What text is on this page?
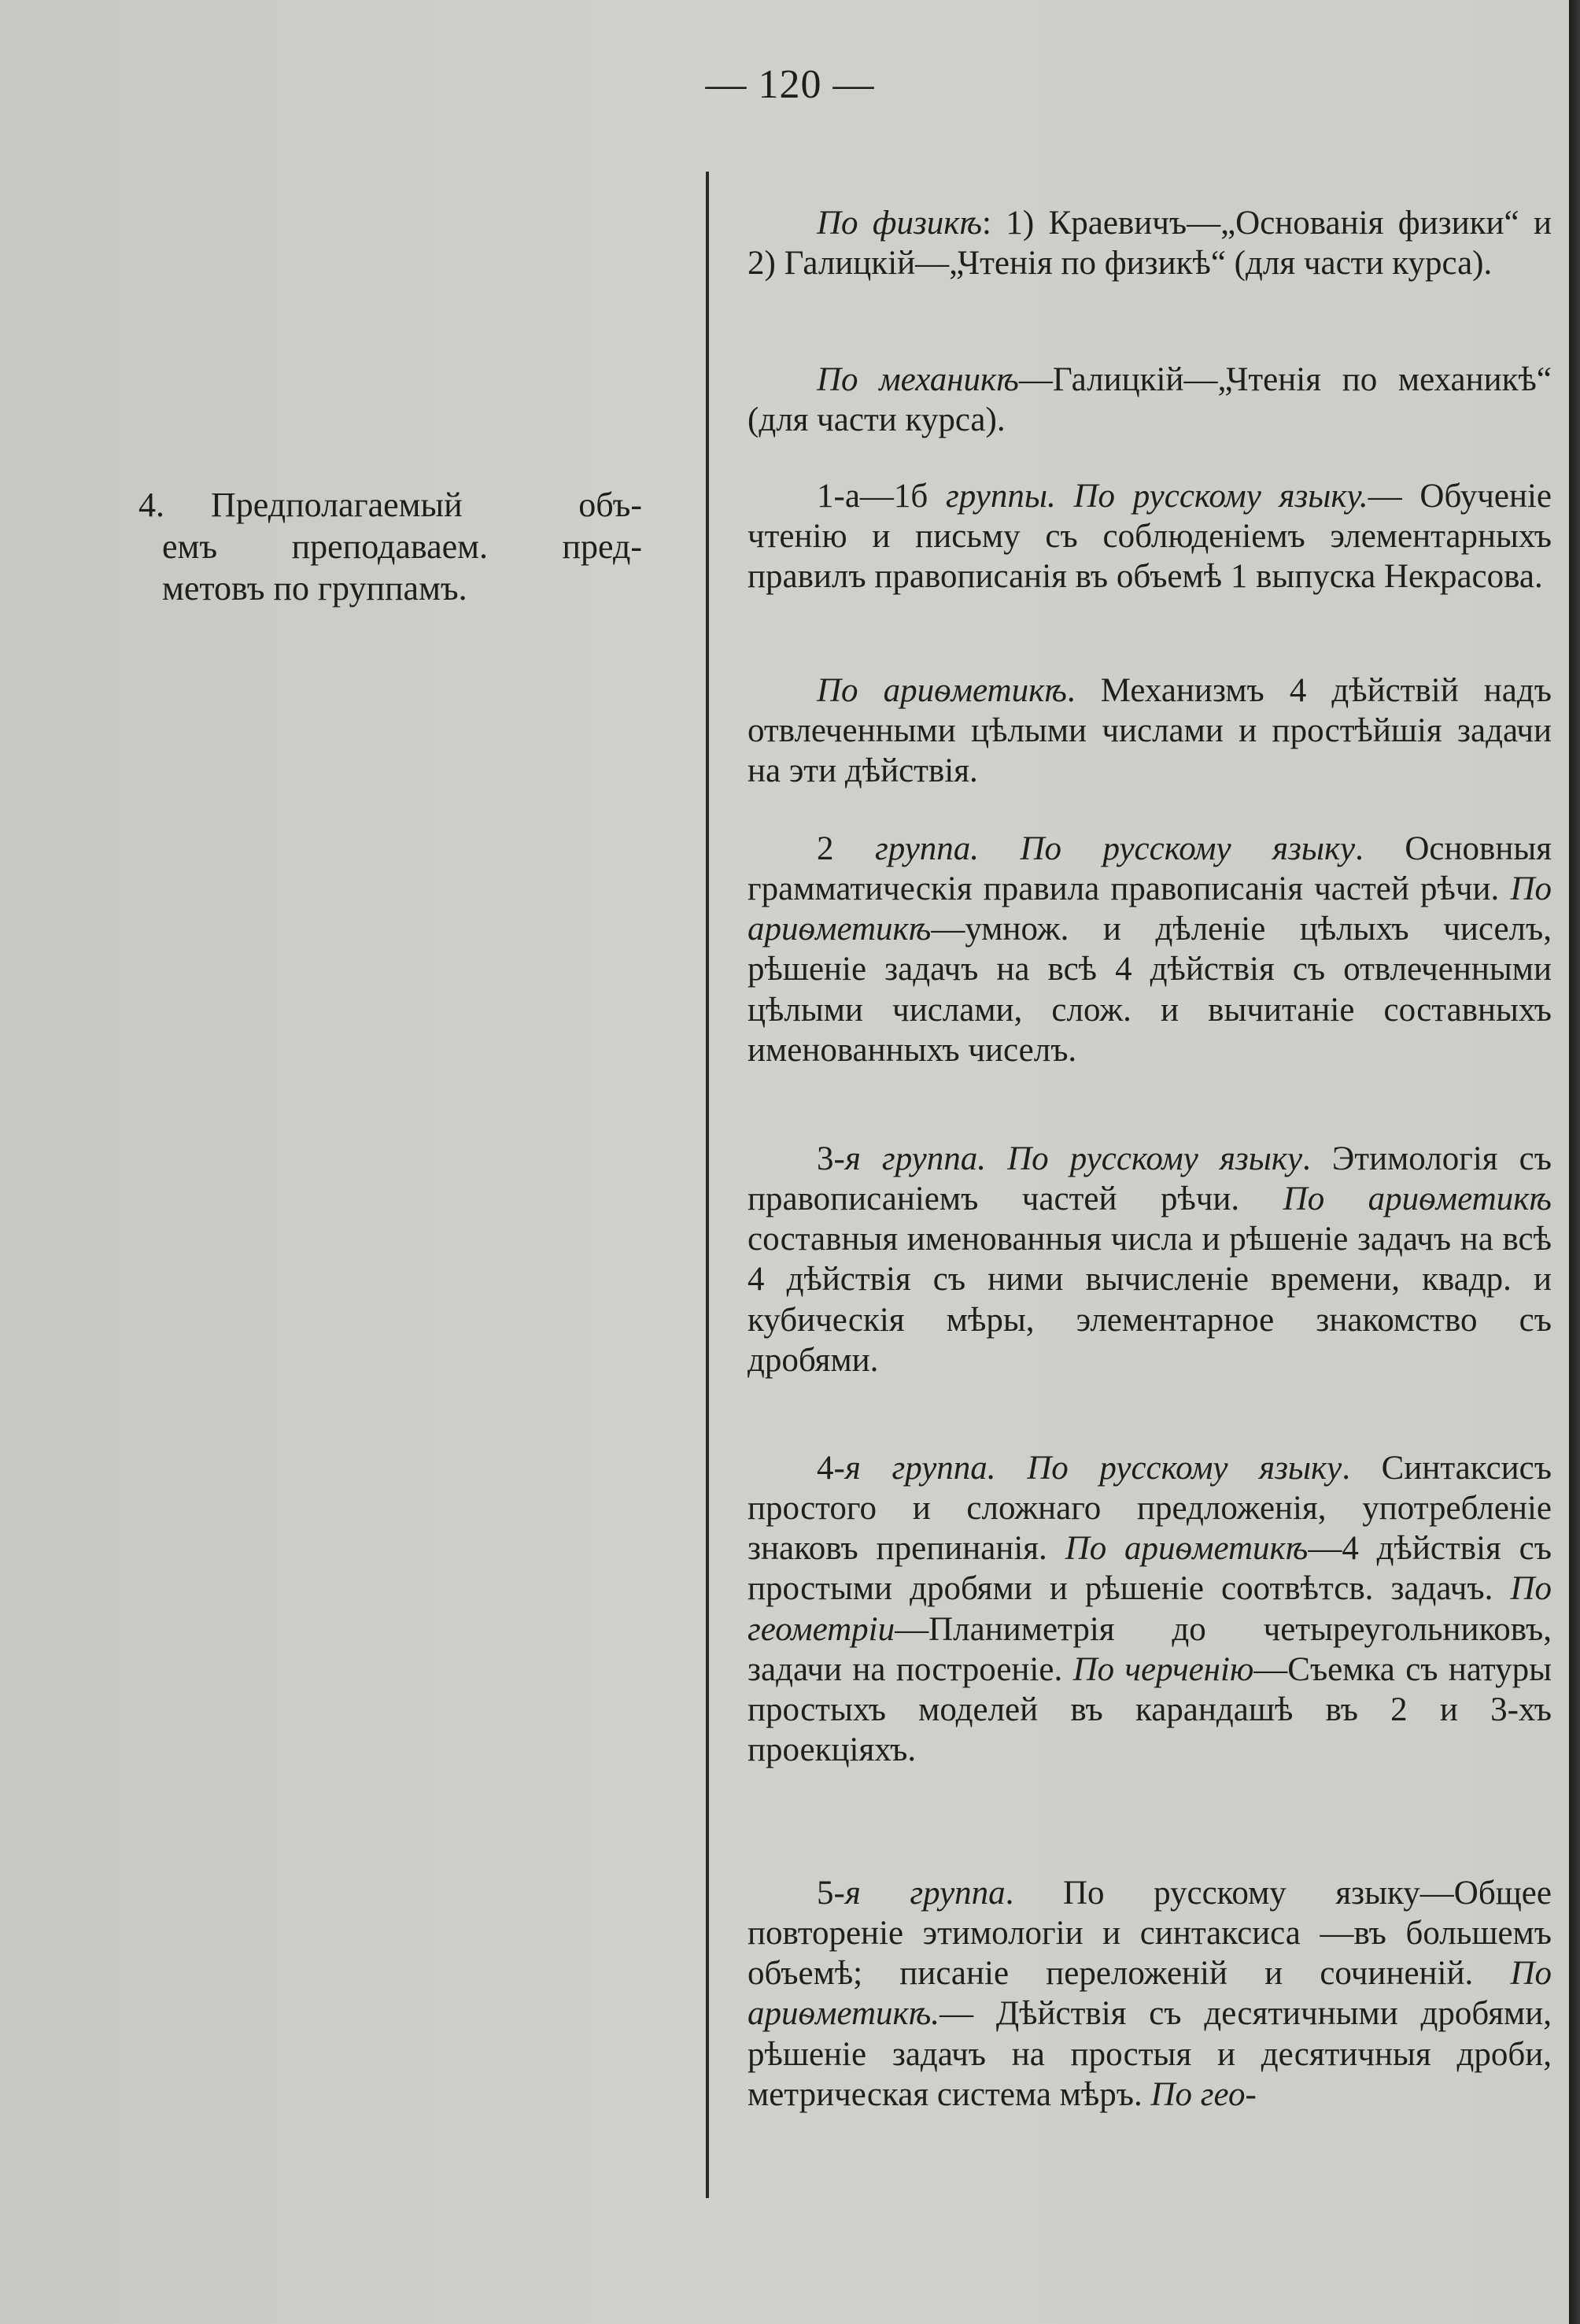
— 120 —
4. Предполагаемый объ-
емъ преподаваем. пред-
метовъ по группамъ.

По физикѣ: 1) Краевичъ—„Основанія физики“ и 2) Галицкій—„Чтенія по физикѣ“ (для части курса).

По механикѣ—Галицкій—„Чтенія по механикѣ“ (для части курса).

1-а—1б группы. По русскому языку.— Обученіе чтенію и письму съ соблюденіемъ элементарныхъ правилъ правописанія въ объемѣ 1 выпуска Некрасова.

По ариѳметикѣ. Механизмъ 4 дѣйствій надъ отвлеченными цѣлыми числами и простѣйшія задачи на эти дѣйствія.

2 группа. По русскому языку. Основныя грамматическія правила правописанія частей рѣчи. По ариѳметикѣ—умнож. и дѣленіе цѣлыхъ чиселъ, рѣшеніе задачъ на всѣ 4 дѣйствія съ отвлеченными цѣлыми числами, слож. и вычитаніе составныхъ именованныхъ чиселъ.

3-я группа. По русскому языку. Этимологія съ правописаніемъ частей рѣчи. По ариѳметикѣ составныя именованныя числа и рѣшеніе задачъ на всѣ 4 дѣйствія съ ними вычисленіе времени, квадр. и кубическія мѣры, элементарное знакомство съ дробями.

4-я группа. По русскому языку. Синтаксисъ простого и сложнаго предложенія, употребленіе знаковъ препинанія. По ариѳметикѣ—4 дѣйствія съ простыми дробями и рѣшеніе соотвѣтсв. задачъ. По геометріи—Планиметрія до четыреугольниковъ, задачи на построеніе. По черченію—Съемка съ натуры простыхъ моделей въ карандашѣ въ 2 и 3-хъ проекціяхъ.

5-я группа. По русскому языку—Общее повтореніе этимологіи и синтаксиса —въ большемъ объемѣ; писаніе переложеній и сочиненій. По ариѳметикѣ.— Дѣйствія съ десятичными дробями, рѣшеніе задачъ на простыя и десятичныя дроби, метрическая система мѣръ. По гео-
